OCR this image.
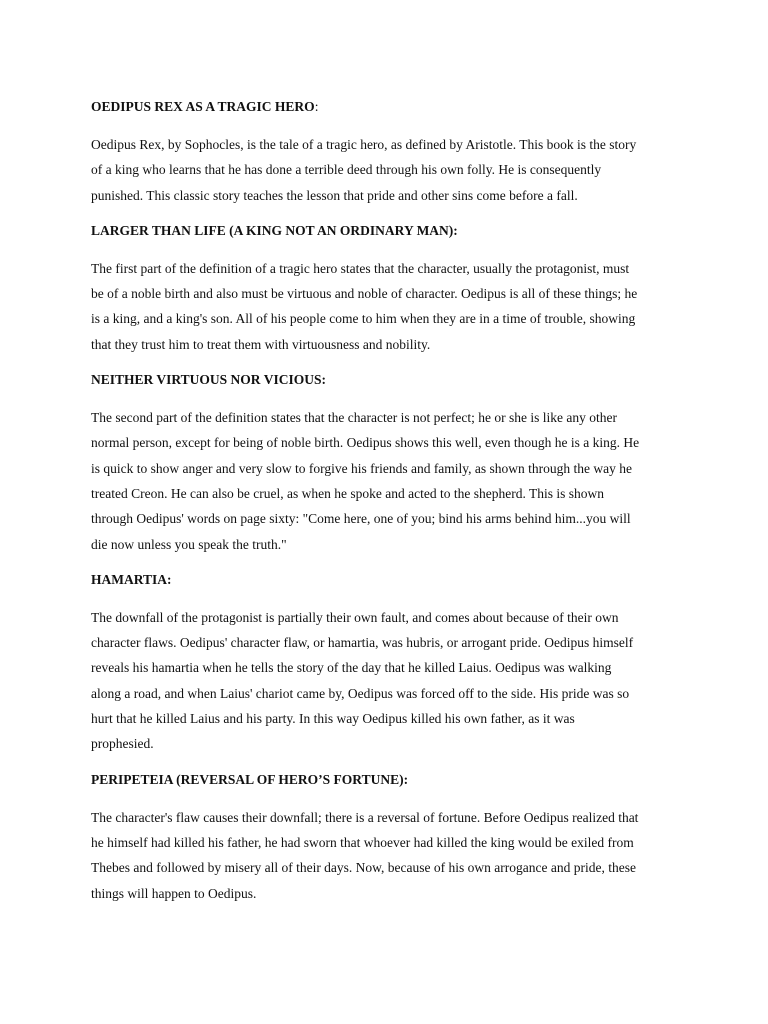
OEDIPUS REX AS A TRAGIC HERO:
Oedipus Rex, by Sophocles, is the tale of a tragic hero, as defined by Aristotle. This book is the story
of a king who learns that he has done a terrible deed through his own folly. He is consequently
punished. This classic story teaches the lesson that pride and other sins come before a fall.
LARGER THAN LIFE (A KING NOT AN ORDINARY MAN):
The first part of the definition of a tragic hero states that the character, usually the protagonist, must
be of a noble birth and also must be virtuous and noble of character. Oedipus is all of these things; he
is a king, and a king's son. All of his people come to him when they are in a time of trouble, showing
that they trust him to treat them with virtuousness and nobility.
NEITHER VIRTUOUS NOR VICIOUS:
The second part of the definition states that the character is not perfect; he or she is like any other
normal person, except for being of noble birth. Oedipus shows this well, even though he is a king. He
is quick to show anger and very slow to forgive his friends and family, as shown through the way he
treated Creon. He can also be cruel, as when he spoke and acted to the shepherd. This is shown
through Oedipus' words on page sixty: "Come here, one of you; bind his arms behind him...you will
die now unless you speak the truth."
HAMARTIA:
The downfall of the protagonist is partially their own fault, and comes about because of their own
character flaws. Oedipus' character flaw, or hamartia, was hubris, or arrogant pride. Oedipus himself
reveals his hamartia when he tells the story of the day that he killed Laius. Oedipus was walking
along a road, and when Laius' chariot came by, Oedipus was forced off to the side. His pride was so
hurt that he killed Laius and his party. In this way Oedipus killed his own father, as it was
prophesied.
PERIPETEIA (REVERSAL OF HERO’S FORTUNE):
The character's flaw causes their downfall; there is a reversal of fortune. Before Oedipus realized that
he himself had killed his father, he had sworn that whoever had killed the king would be exiled from
Thebes and followed by misery all of their days. Now, because of his own arrogance and pride, these
things will happen to Oedipus.
